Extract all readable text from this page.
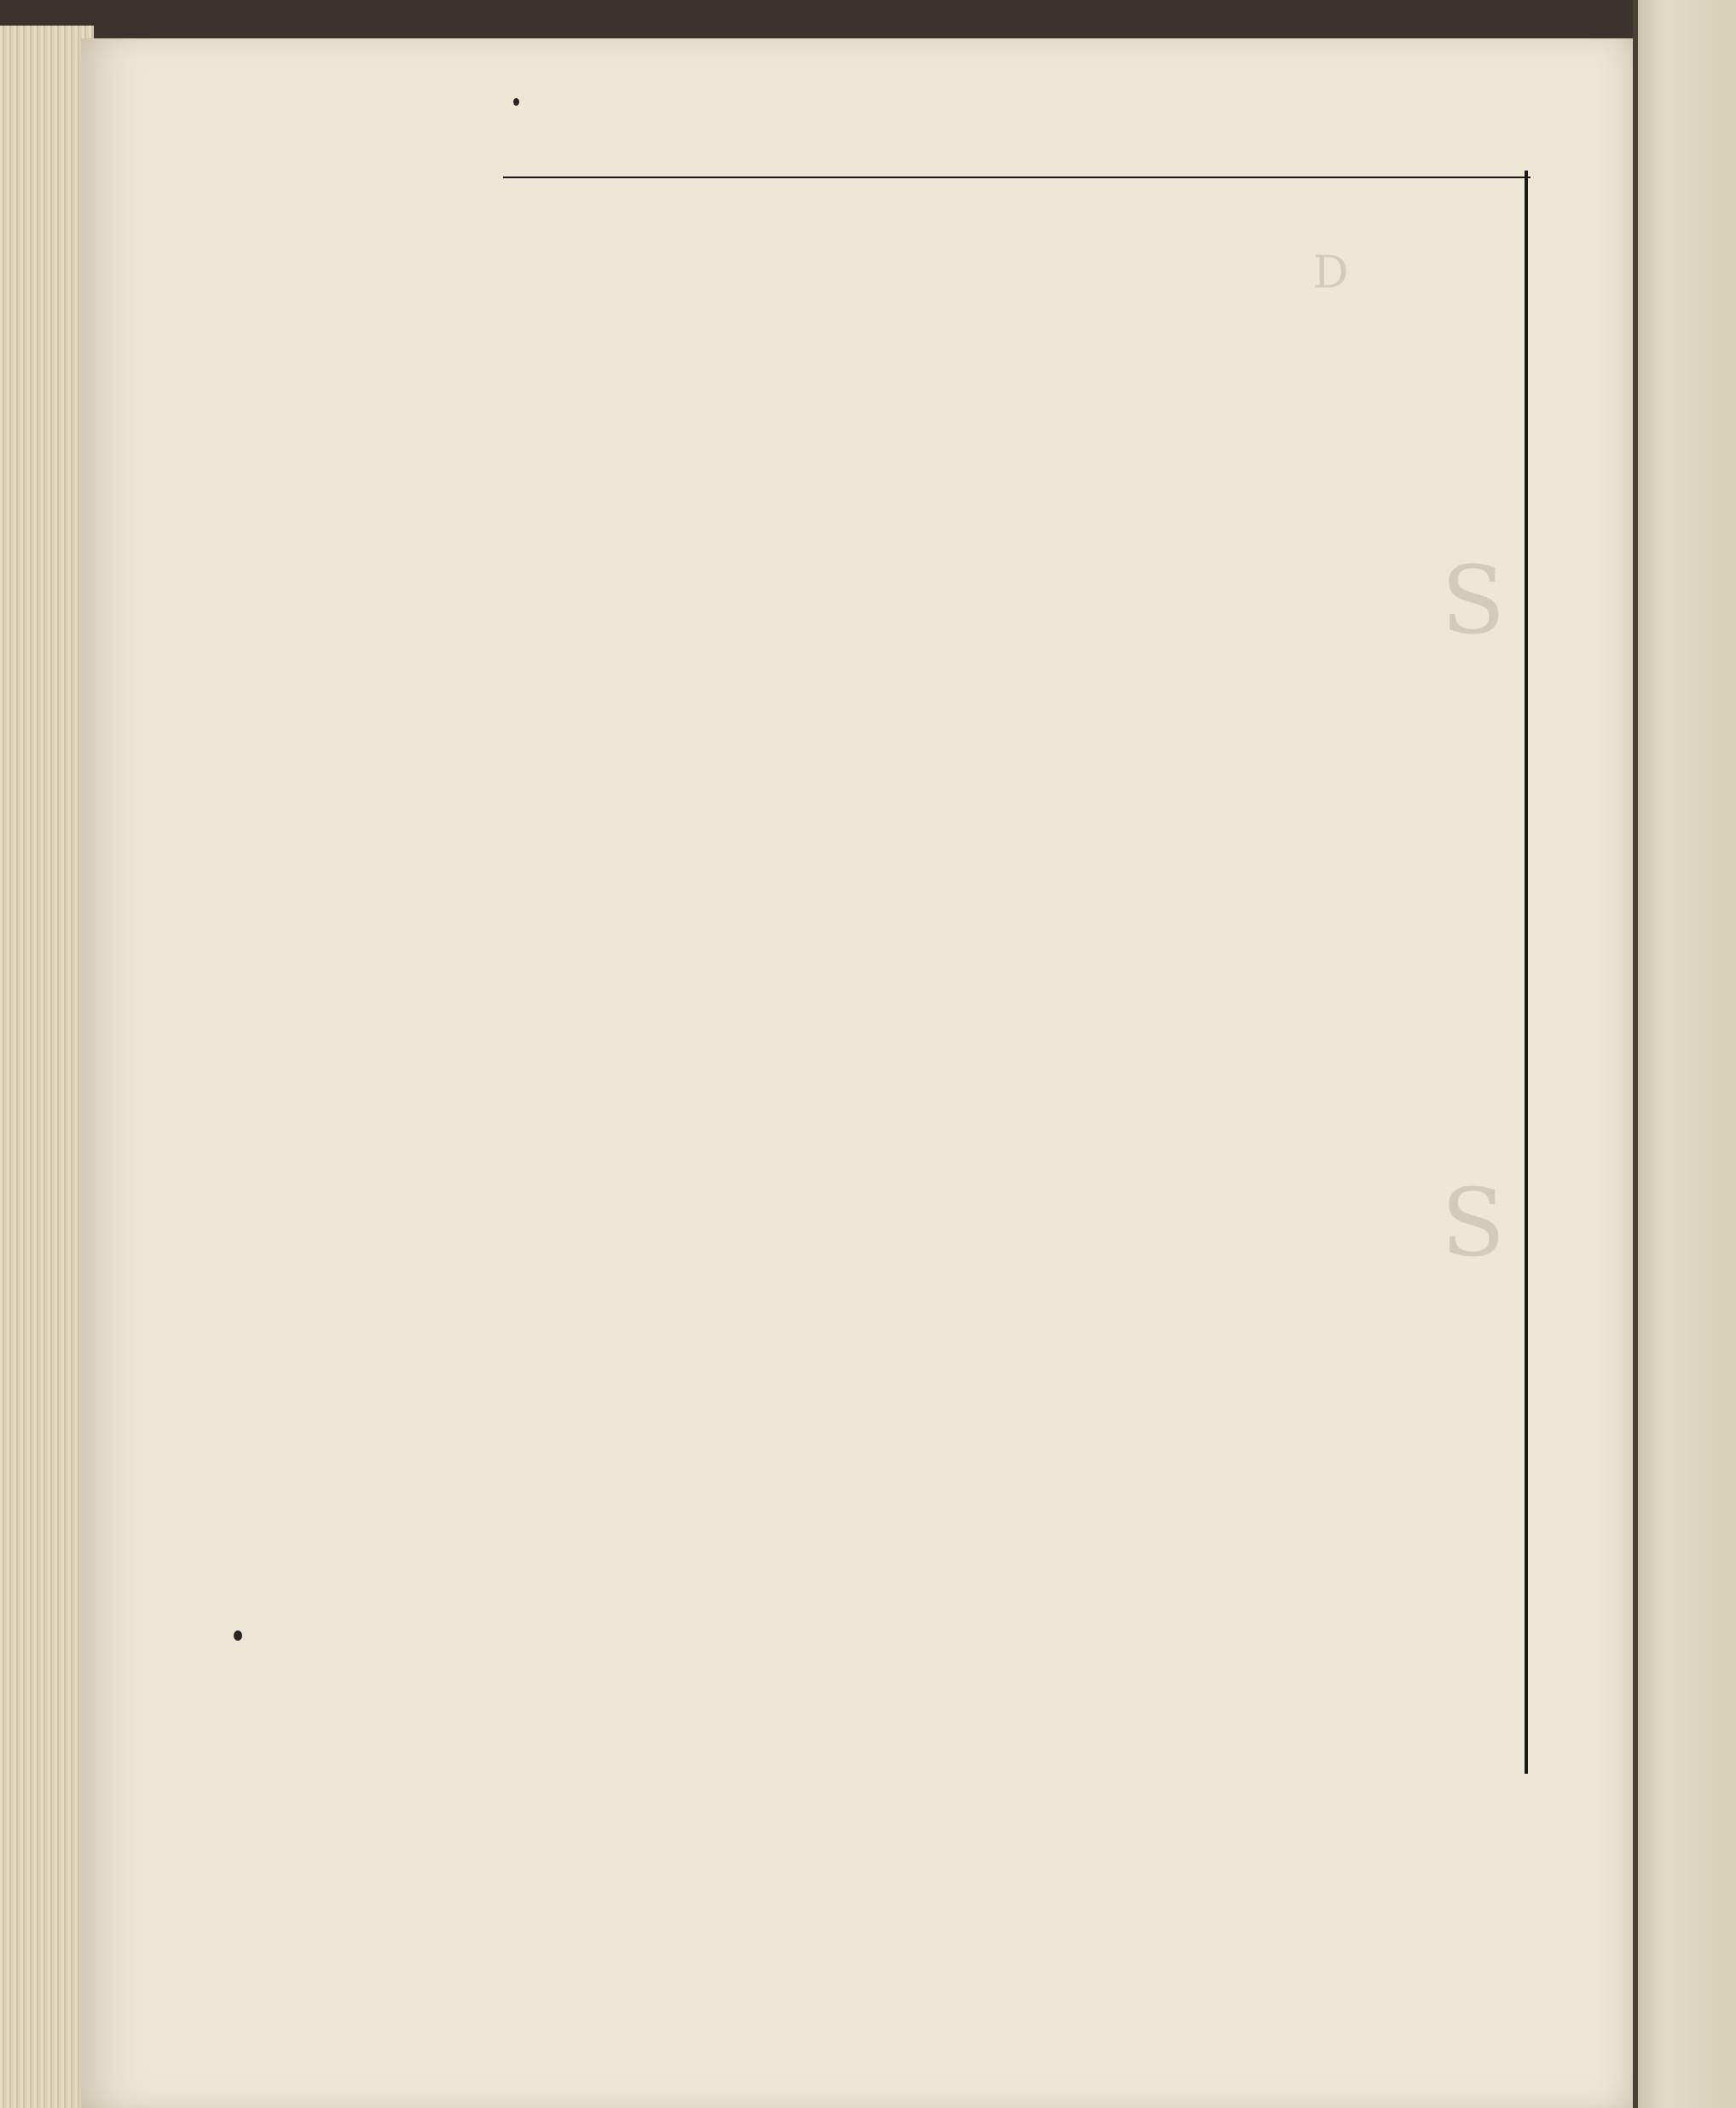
D
S
S
